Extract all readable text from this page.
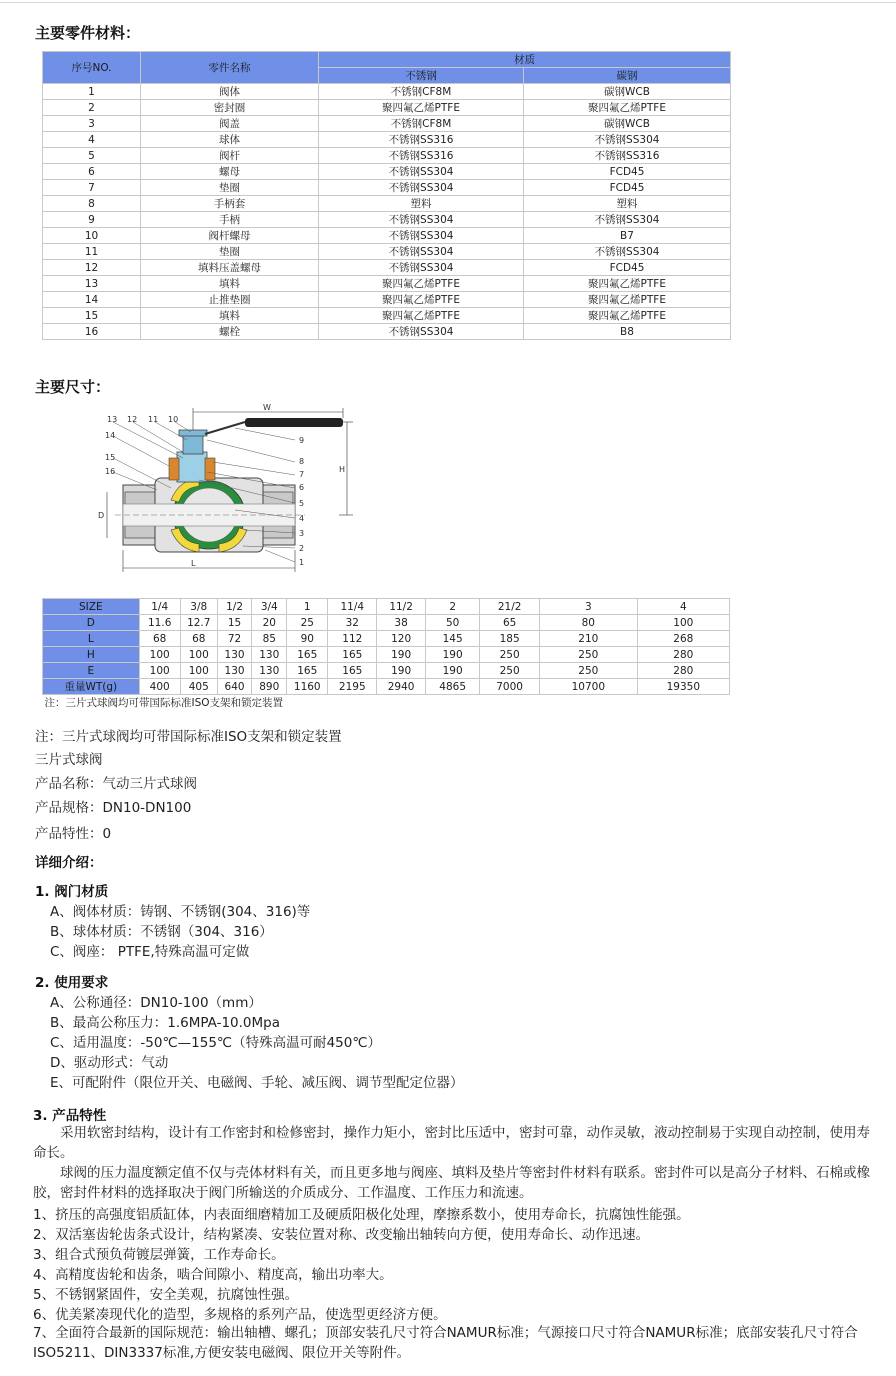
主要零件材料：
序号NO.	零件名称	材质	
		不锈钢	碳钢
1	阀体	不锈钢CF8M	碳钢WCB
2	密封圈	聚四氟乙烯PTFE	聚四氟乙烯PTFE
3	阀盖	不锈钢CF8M	碳钢WCB
4	球体	不锈钢SS316	不锈钢SS304
5	阀杆	不锈钢SS316	不锈钢SS316
6	螺母	不锈钢SS304	FCD45
7	垫圈	不锈钢SS304	FCD45
8	手柄套	塑料	塑料
9	手柄	不锈钢SS304	不锈钢SS304
10	阀杆螺母	不锈钢SS304	B7
11	垫圈	不锈钢SS304	不锈钢SS304
12	填料压盖螺母	不锈钢SS304	FCD45
13	填料	聚四氟乙烯PTFE	聚四氟乙烯PTFE
14	止推垫圈	聚四氟乙烯PTFE	聚四氟乙烯PTFE
15	填料	聚四氟乙烯PTFE	聚四氟乙烯PTFE
16	螺栓	不锈钢SS304	B8
主要尺寸：
13 12 11 10
14
15
16
9
8
7
6
5
4
3
2
1
W
H
D
L
SIZE	1/4	3/8	1/2	3/4	1	11/4	11/2	2	21/2	3	4
D	11.6	12.7	15	20	25	32	38	50	65	80	100
L	68	68	72	85	90	112	120	145	185	210	268
H	100	100	130	130	165	165	190	190	250	250	280
E	100	100	130	130	165	165	190	190	250	250	280
重量WT(g)	400	405	640	890	1160	2195	2940	4865	7000	10700	19350
注：三片式球阀均可带国际标准ISO支架和锁定装置											
注：三片式球阀均可带国际标准ISO支架和锁定装置
三片式球阀
产品名称：气动三片式球阀
产品规格：DN10-DN100
产品特性：0
详细介绍：
1. 阀门材质
A、阀体材质：铸钢、不锈钢(304、316)等
B、球体材质：不锈钢（304、316）
C、阀座： PTFE,特殊高温可定做
2. 使用要求
A、公称通径：DN10-100（mm）
B、最高公称压力：1.6MPA-10.0Mpa
C、适用温度：-50℃—155℃（特殊高温可耐450℃）
D、驱动形式：气动
E、可配附件（限位开关、电磁阀、手轮、减压阀、调节型配定位器）
3. 产品特性
　　采用软密封结构，设计有工作密封和检修密封，操作力矩小，密封比压适中，密封可靠，动作灵敏，液动控制易于实现自动控制，使用寿命长。
　　球阀的压力温度额定值不仅与壳体材料有关，而且更多地与阀座、填料及垫片等密封件材料有联系。密封件可以是高分子材料、石棉或橡胶，密封件材料的选择取决于阀门所输送的介质成分、工作温度、工作压力和流速。
1、挤压的高强度铝质缸体，内表面细磨精加工及硬质阳极化处理，摩擦系数小，使用寿命长，抗腐蚀性能强。
2、双活塞齿轮齿条式设计，结构紧凑、安装位置对称、改变输出轴转向方便，使用寿命长、动作迅速。
3、组合式预负荷镀层弹簧，工作寿命长。
4、高精度齿轮和齿条，啮合间隙小、精度高，输出功率大。
5、不锈钢紧固件，安全美观，抗腐蚀性强。
6、优美紧凑现代化的造型，多规格的系列产品，使选型更经济方便。
7、全面符合最新的国际规范：输出轴槽、螺孔；顶部安装孔尺寸符合NAMUR标准；气源接口尺寸符合NAMUR标准；底部安装孔尺寸符合ISO5211、DIN3337标准,方便安装电磁阀、限位开关等附件。
